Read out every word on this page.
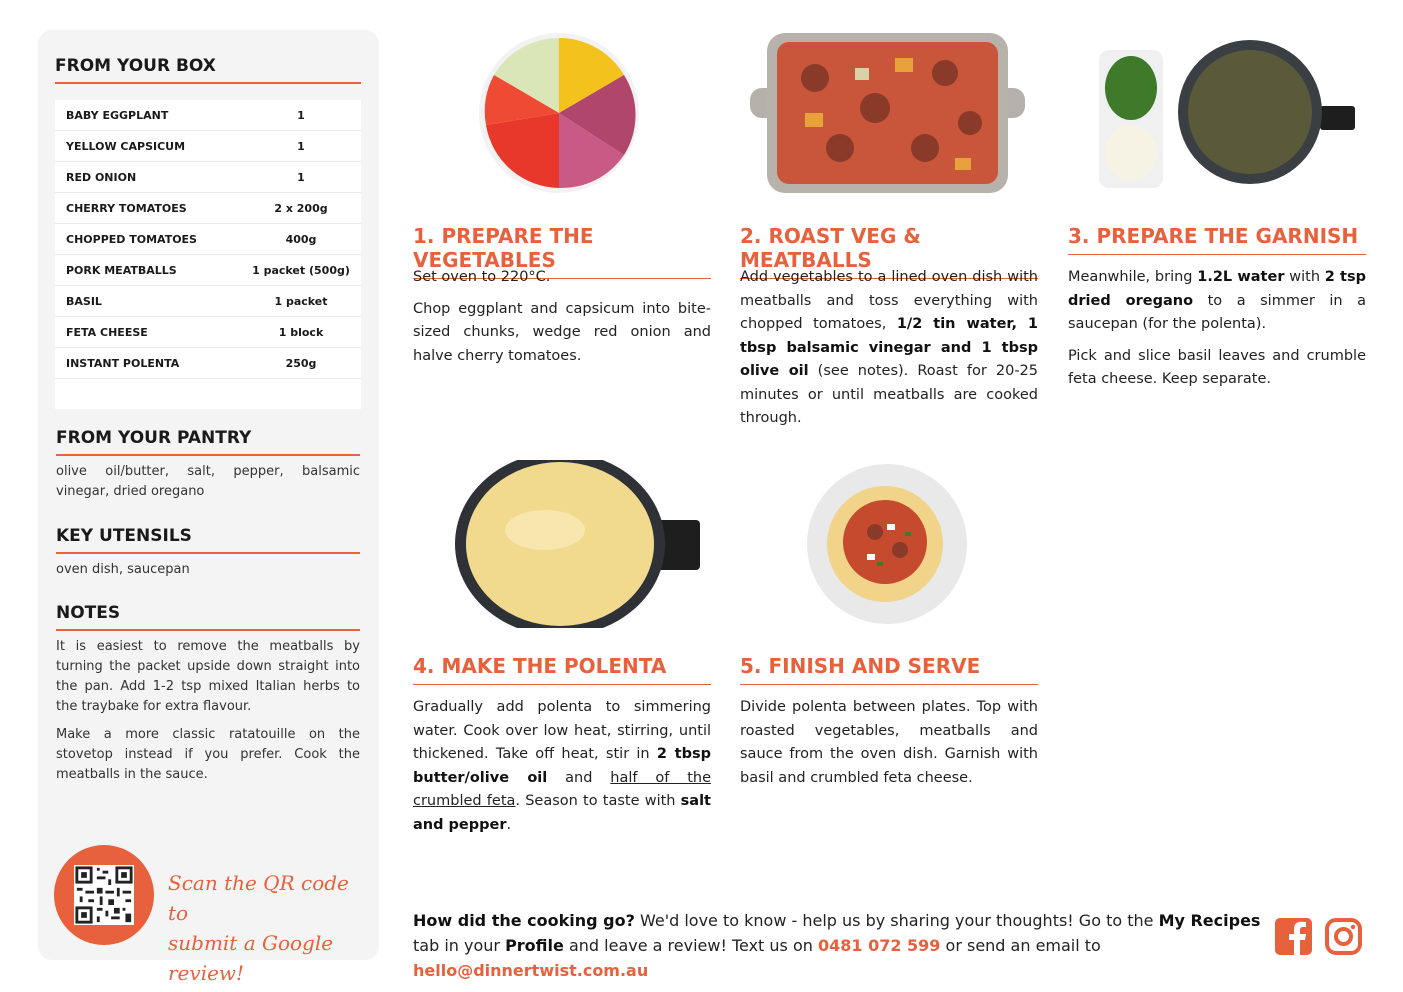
FROM YOUR BOX
BABY EGGPLANT	1
YELLOW CAPSICUM	1
RED ONION	1
CHERRY TOMATOES	2 x 200g
CHOPPED TOMATOES	400g
PORK MEATBALLS	1 packet (500g)
BASIL	1 packet
FETA CHEESE	1 block
INSTANT POLENTA	250g

FROM YOUR PANTRY
olive oil/butter, salt, pepper, balsamic vinegar, dried oregano
KEY UTENSILS
oven dish, saucepan
NOTES

It is easiest to remove the meatballs by turning the packet upside down straight into the pan. Add 1-2 tsp mixed Italian herbs to the traybake for extra flavour.

Make a more classic ratatouille on the stovetop instead if you prefer. Cook the meatballs in the sauce.

Scan the QR code to
submit a Google review!
1. PREPARE THE VEGETABLES

Set oven to 220°C.

Chop eggplant and capsicum into bite-sized chunks, wedge red onion and halve cherry tomatoes.

2. ROAST VEG & MEATBALLS

Add vegetables to a lined oven dish with meatballs and toss everything with chopped tomatoes, 1/2 tin water, 1 tbsp balsamic vinegar and 1 tbsp olive oil (see notes). Roast for 20-25 minutes or until meatballs are cooked through.

3. PREPARE THE GARNISH

Meanwhile, bring 1.2L water with 2 tsp dried oregano to a simmer in a saucepan (for the polenta).

Pick and slice basil leaves and crumble feta cheese. Keep separate.

4. MAKE THE POLENTA

Gradually add polenta to simmering water. Cook over low heat, stirring, until thickened. Take off heat, stir in 2 tbsp butter/olive oil and half of the crumbled feta. Season to taste with salt and pepper.

5. FINISH AND SERVE

Divide polenta between plates. Top with roasted vegetables, meatballs and sauce from the oven dish. Garnish with basil and crumbled feta cheese.

How did the cooking go? We'd love to know - help us by sharing your thoughts! Go to the My Recipes tab in your Profile and leave a review! Text us on 0481 072 599 or send an email to hello@dinnertwist.com.au
